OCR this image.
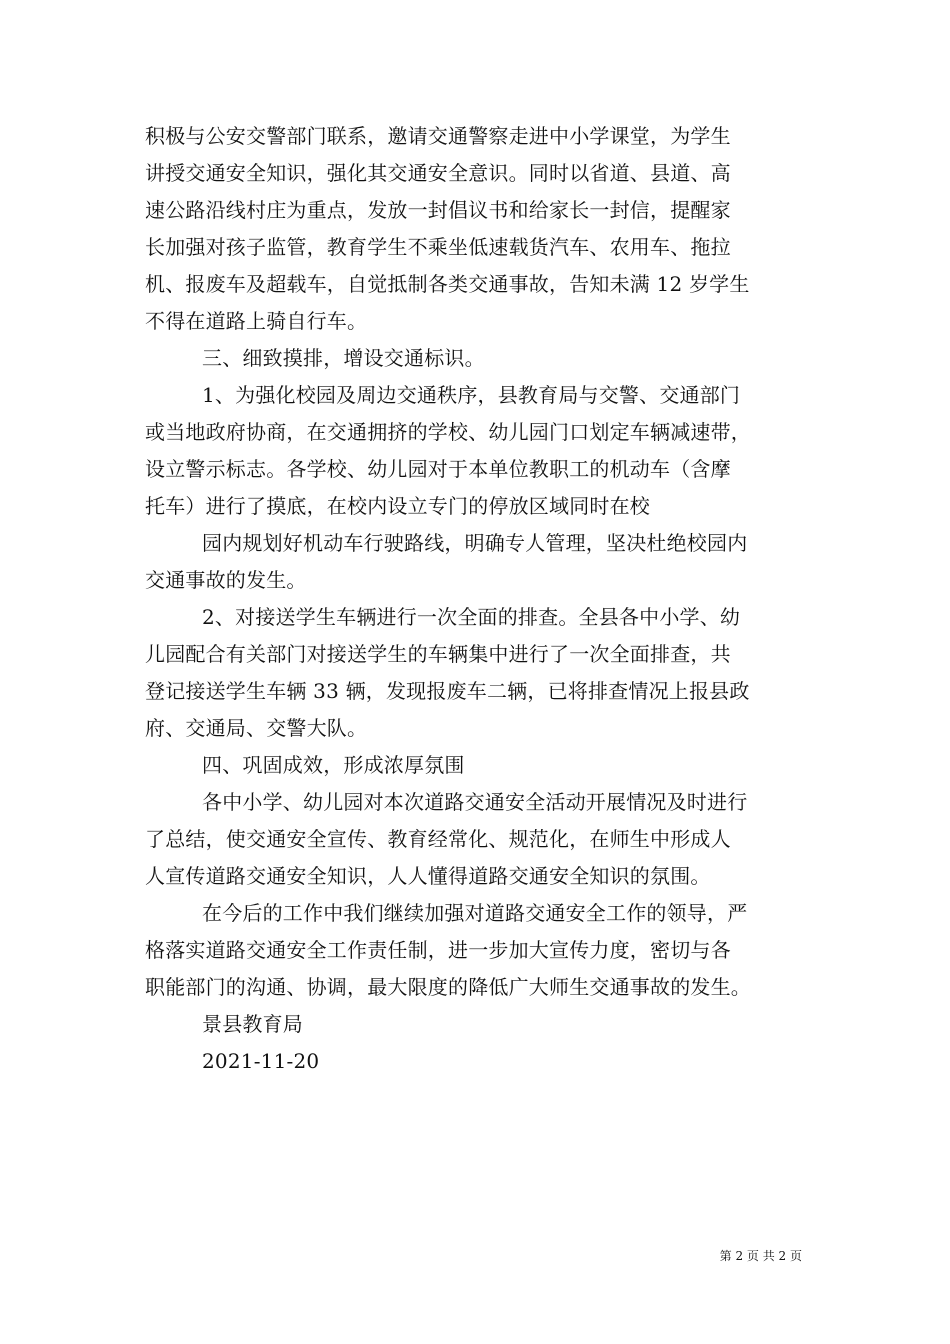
积极与公安交警部门联系，邀请交通警察走进中小学课堂，为学生
讲授交通安全知识，强化其交通安全意识。同时以省道、县道、高
速公路沿线村庄为重点，发放一封倡议书和给家长一封信，提醒家
长加强对孩子监管，教育学生不乘坐低速载货汽车、农用车、拖拉
机、报废车及超载车，自觉抵制各类交通事故，告知未满 12 岁学生
不得在道路上骑自行车。
三、细致摸排，增设交通标识。
1、为强化校园及周边交通秩序，县教育局与交警、交通部门
或当地政府协商，在交通拥挤的学校、幼儿园门口划定车辆减速带，
设立警示标志。各学校、幼儿园对于本单位教职工的机动车（含摩
托车）进行了摸底，在校内设立专门的停放区域同时在校
园内规划好机动车行驶路线，明确专人管理，坚决杜绝校园内
交通事故的发生。
2、对接送学生车辆进行一次全面的排查。全县各中小学、幼
儿园配合有关部门对接送学生的车辆集中进行了一次全面排查，共
登记接送学生车辆 33 辆，发现报废车二辆，已将排查情况上报县政
府、交通局、交警大队。
四、巩固成效，形成浓厚氛围
各中小学、幼儿园对本次道路交通安全活动开展情况及时进行
了总结，使交通安全宣传、教育经常化、规范化，在师生中形成人
人宣传道路交通安全知识，人人懂得道路交通安全知识的氛围。
在今后的工作中我们继续加强对道路交通安全工作的领导，严
格落实道路交通安全工作责任制，进一步加大宣传力度，密切与各
职能部门的沟通、协调，最大限度的降低广大师生交通事故的发生。
景县教育局
2021-11-20
第 2 页 共 2 页
